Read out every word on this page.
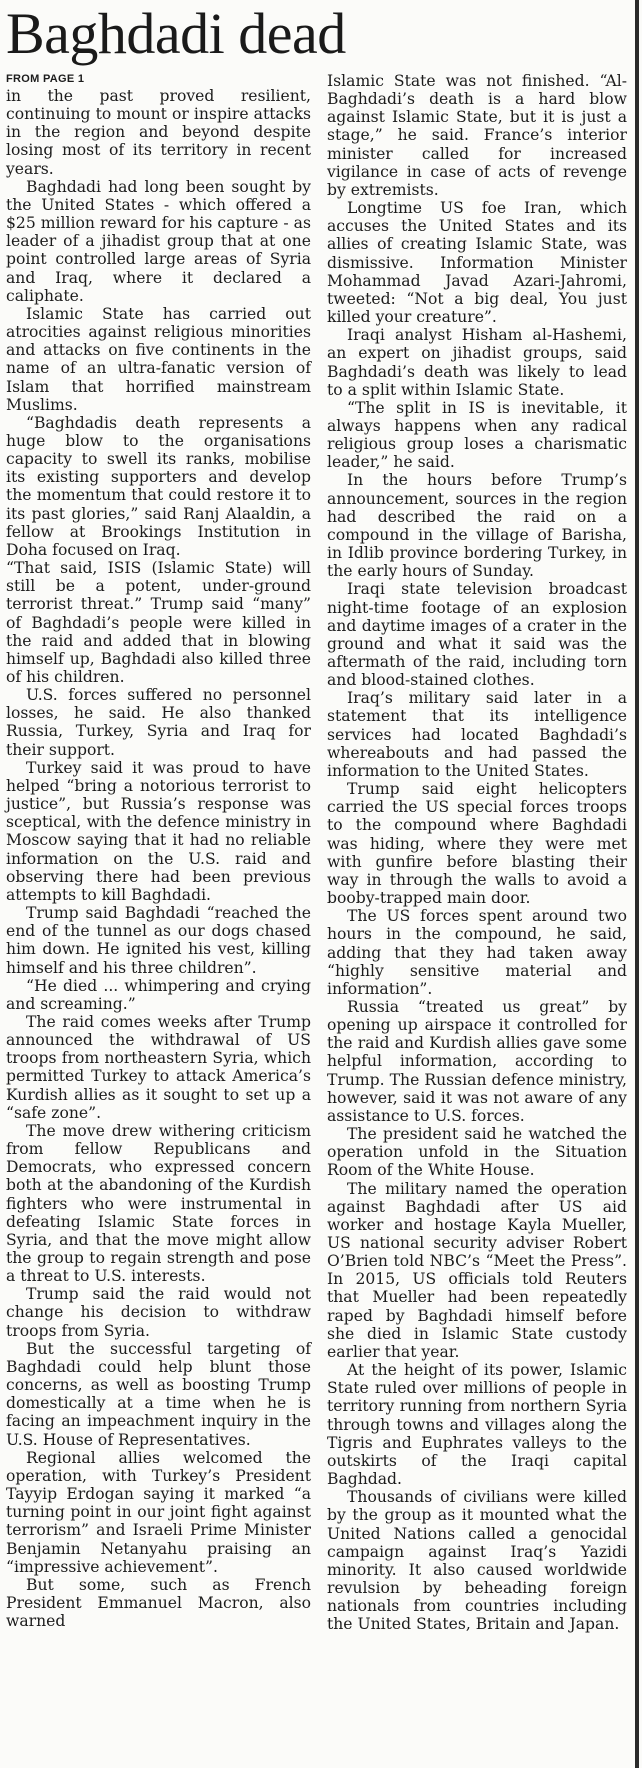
Baghdadi dead
FROM PAGE 1

in the past proved resilient, continuing to mount or inspire attacks in the region and beyond despite losing most of its territory in recent years.

Baghdadi had long been sought by the United States - which offered a $25 million reward for his capture - as leader of a jihadist group that at one point controlled large areas of Syria and Iraq, where it declared a caliphate.

Islamic State has carried out atrocities against religious minorities and attacks on five continents in the name of an ultra-fanatic version of Islam that horrified mainstream Muslims.

“Baghdadis death represents a huge blow to the organisations capacity to swell its ranks, mobilise its existing supporters and develop the momentum that could restore it to its past glories,” said Ranj Alaaldin, a fellow at Brookings Institution in Doha focused on Iraq.

“That said, ISIS (Islamic State) will still be a potent, under-ground terrorist threat.” Trump said “many” of Baghdadi’s people were killed in the raid and added that in blowing himself up, Baghdadi also killed three of his children.

U.S. forces suffered no personnel losses, he said. He also thanked Russia, Turkey, Syria and Iraq for their support.

Turkey said it was proud to have helped “bring a notorious terrorist to justice”, but Russia’s response was sceptical, with the defence ministry in Moscow saying that it had no reliable information on the U.S. raid and observing there had been previous attempts to kill Baghdadi.

Trump said Baghdadi “reached the end of the tunnel as our dogs chased him down. He ignited his vest, killing himself and his three children”.

“He died ... whimpering and crying and screaming.”

The raid comes weeks after Trump announced the withdrawal of US troops from northeastern Syria, which permitted Turkey to attack America’s Kurdish allies as it sought to set up a “safe zone”.

The move drew withering criticism from fellow Republicans and Democrats, who expressed concern both at the abandoning of the Kurdish fighters who were instrumental in defeating Islamic State forces in Syria, and that the move might allow the group to regain strength and pose a threat to U.S. interests.

Trump said the raid would not change his decision to withdraw troops from Syria.

But the successful targeting of Baghdadi could help blunt those concerns, as well as boosting Trump domestically at a time when he is facing an impeachment inquiry in the U.S. House of Representatives.

Regional allies welcomed the operation, with Turkey’s President Tayyip Erdogan saying it marked “a turning point in our joint fight against terrorism” and Israeli Prime Minister Benjamin Netanyahu praising an “impressive achievement”.

But some, such as French President Emmanuel Macron, also warned

Islamic State was not finished. “Al-Baghdadi’s death is a hard blow against Islamic State, but it is just a stage,” he said. France’s interior minister called for increased vigilance in case of acts of revenge by extremists.

Longtime US foe Iran, which accuses the United States and its allies of creating Islamic State, was dismissive. Information Minister Mohammad Javad Azari-Jahromi, tweeted: “Not a big deal, You just killed your creature”.

Iraqi analyst Hisham al-Hashemi, an expert on jihadist groups, said Baghdadi’s death was likely to lead to a split within Islamic State.

“The split in IS is inevitable, it always happens when any radical religious group loses a charismatic leader,” he said.

In the hours before Trump’s announcement, sources in the region had described the raid on a compound in the village of Barisha, in Idlib province bordering Turkey, in the early hours of Sunday.

Iraqi state television broadcast night-time footage of an explosion and daytime images of a crater in the ground and what it said was the aftermath of the raid, including torn and blood-stained clothes.

Iraq’s military said later in a statement that its intelligence services had located Baghdadi’s whereabouts and had passed the information to the United States.

Trump said eight helicopters carried the US special forces troops to the compound where Baghdadi was hiding, where they were met with gunfire before blasting their way in through the walls to avoid a booby-trapped main door.

The US forces spent around two hours in the compound, he said, adding that they had taken away “highly sensitive material and information”.

Russia “treated us great” by opening up airspace it controlled for the raid and Kurdish allies gave some helpful information, according to Trump. The Russian defence ministry, however, said it was not aware of any assistance to U.S. forces.

The president said he watched the operation unfold in the Situation Room of the White House.

The military named the operation against Baghdadi after US aid worker and hostage Kayla Mueller, US national security adviser Robert O’Brien told NBC’s “Meet the Press”. In 2015, US officials told Reuters that Mueller had been repeatedly raped by Baghdadi himself before she died in Islamic State custody earlier that year.

At the height of its power, Islamic State ruled over millions of people in territory running from northern Syria through towns and villages along the Tigris and Euphrates valleys to the outskirts of the Iraqi capital Baghdad.

Thousands of civilians were killed by the group as it mounted what the United Nations called a genocidal campaign against Iraq’s Yazidi minority. It also caused worldwide revulsion by beheading foreign nationals from countries including the United States, Britain and Japan.
